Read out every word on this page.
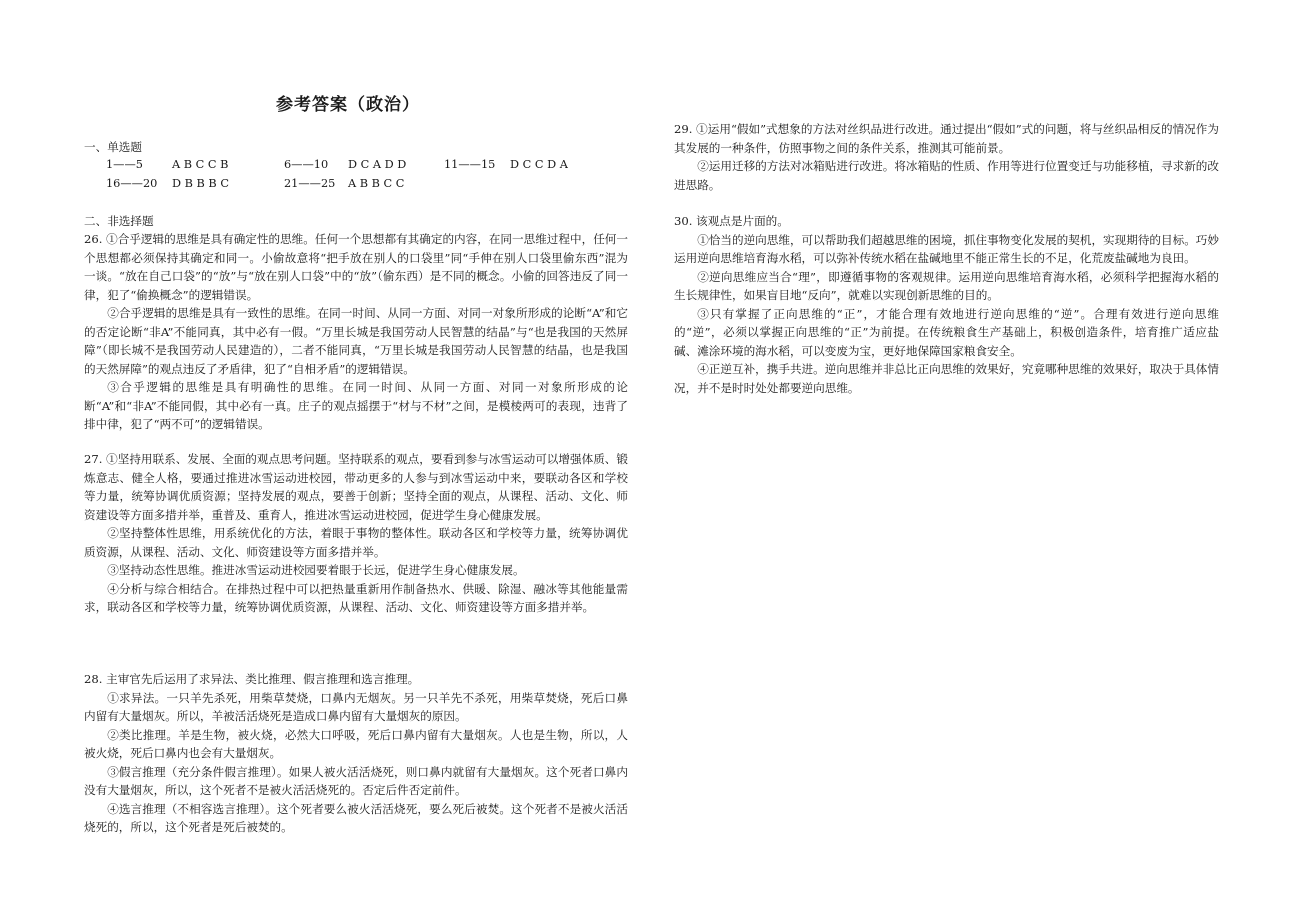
参考答案（政治）
一、单选题
1——5	A B C C B	6——10 D C A D D	11——15 D C C D A
16——20 D B B B C	21——25 A B B C C
二、非选择题

26. ①合乎逻辑的思维是具有确定性的思维。任何一个思想都有其确定的内容，在同一思维过程中，任何一个思想都必须保持其确定和同一。小偷故意将“把手放在别人的口袋里”同“手伸在别人口袋里偷东西”混为一谈。“放在自己口袋”的“放”与“放在别人口袋”中的“放”（偷东西）是不同的概念。小偷的回答违反了同一律，犯了“偷换概念”的逻辑错误。

②合乎逻辑的思维是具有一致性的思维。在同一时间、从同一方面、对同一对象所形成的论断“A”和它的否定论断“非A”不能同真，其中必有一假。“万里长城是我国劳动人民智慧的结晶”与“也是我国的天然屏障”（即长城不是我国劳动人民建造的），二者不能同真，“万里长城是我国劳动人民智慧的结晶，也是我国的天然屏障”的观点违反了矛盾律，犯了“自相矛盾”的逻辑错误。

③合乎逻辑的思维是具有明确性的思维。在同一时间、从同一方面、对同一对象所形成的论断“A”和“非A”不能同假，其中必有一真。庄子的观点摇摆于“材与不材”之间，是模棱两可的表现，违背了排中律，犯了“两不可”的逻辑错误。

27. ①坚持用联系、发展、全面的观点思考问题。坚持联系的观点，要看到参与冰雪运动可以增强体质、锻炼意志、健全人格，要通过推进冰雪运动进校园，带动更多的人参与到冰雪运动中来，要联动各区和学校等力量，统筹协调优质资源；坚持发展的观点，要善于创新；坚持全面的观点，从课程、活动、文化、师资建设等方面多措并举，重普及、重育人，推进冰雪运动进校园，促进学生身心健康发展。

②坚持整体性思维，用系统优化的方法，着眼于事物的整体性。联动各区和学校等力量，统筹协调优质资源，从课程、活动、文化、师资建设等方面多措并举。

③坚持动态性思维。推进冰雪运动进校园要着眼于长远，促进学生身心健康发展。

④分析与综合相结合。在排热过程中可以把热量重新用作制备热水、供暖、除湿、融冰等其他能量需求，联动各区和学校等力量，统筹协调优质资源，从课程、活动、文化、师资建设等方面多措并举。

28. 主审官先后运用了求异法、类比推理、假言推理和选言推理。

①求异法。一只羊先杀死，用柴草焚烧，口鼻内无烟灰。另一只羊先不杀死，用柴草焚烧，死后口鼻内留有大量烟灰。所以，羊被活活烧死是造成口鼻内留有大量烟灰的原因。

②类比推理。羊是生物，被火烧，必然大口呼吸，死后口鼻内留有大量烟灰。人也是生物，所以，人被火烧，死后口鼻内也会有大量烟灰。

③假言推理（充分条件假言推理）。如果人被火活活烧死，则口鼻内就留有大量烟灰。这个死者口鼻内没有大量烟灰，所以，这个死者不是被火活活烧死的。否定后件否定前件。

④选言推理（不相容选言推理）。这个死者要么被火活活烧死，要么死后被焚。这个死者不是被火活活烧死的，所以，这个死者是死后被焚的。

29. ①运用“假如”式想象的方法对丝织品进行改进。通过提出“假如”式的问题，将与丝织品相反的情况作为其发展的一种条件，仿照事物之间的条件关系，推测其可能前景。

②运用迁移的方法对冰箱贴进行改进。将冰箱贴的性质、作用等进行位置变迁与功能移植，寻求新的改进思路。

30. 该观点是片面的。

①恰当的逆向思维，可以帮助我们超越思维的困境，抓住事物变化发展的契机，实现期待的目标。巧妙运用逆向思维培育海水稻，可以弥补传统水稻在盐碱地里不能正常生长的不足，化荒废盐碱地为良田。

②逆向思维应当合“理”，即遵循事物的客观规律。运用逆向思维培育海水稻，必须科学把握海水稻的生长规律性，如果盲目地“反向”，就难以实现创新思维的目的。

③只有掌握了正向思维的“正”，才能合理有效地进行逆向思维的“逆”。合理有效进行逆向思维的“逆”，必须以掌握正向思维的“正”为前提。在传统粮食生产基础上，积极创造条件，培育推广适应盐碱、滩涂环境的海水稻，可以变废为宝，更好地保障国家粮食安全。

④正逆互补，携手共进。逆向思维并非总比正向思维的效果好，究竟哪种思维的效果好，取决于具体情况，并不是时时处处都要逆向思维。
